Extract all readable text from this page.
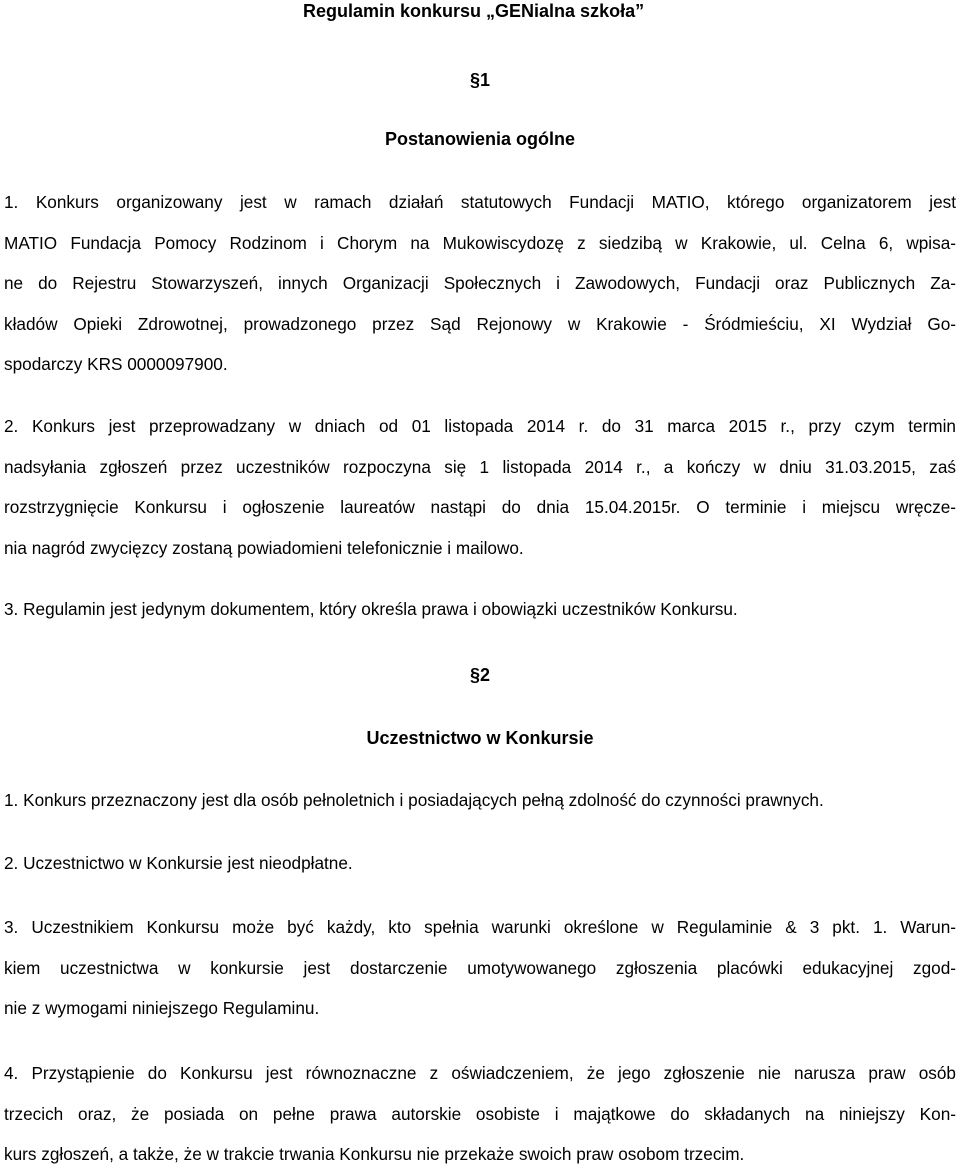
Regulamin konkursu „GENialna szkoła”
§1
Postanowienia ogólne
1. Konkurs organizowany jest w ramach działań statutowych Fundacji MATIO, którego organizatorem jest
MATIO Fundacja Pomocy Rodzinom i Chorym na Mukowiscydozę z siedzibą w Krakowie, ul. Celna 6, wpisa-
ne do Rejestru Stowarzyszeń, innych Organizacji Społecznych i Zawodowych, Fundacji oraz Publicznych Za-
kładów Opieki Zdrowotnej, prowadzonego przez Sąd Rejonowy w Krakowie - Śródmieściu, XI Wydział Go-
spodarczy KRS 0000097900.
2. Konkurs jest przeprowadzany w dniach od 01 listopada 2014 r. do 31 marca 2015 r., przy czym termin
nadsyłania zgłoszeń przez uczestników rozpoczyna się 1 listopada 2014 r., a kończy w dniu 31.03.2015, zaś
rozstrzygnięcie Konkursu i ogłoszenie laureatów nastąpi do dnia 15.04.2015r. O terminie i miejscu wręcze-
nia nagród zwycięzcy zostaną powiadomieni telefonicznie i mailowo.
3. Regulamin jest jedynym dokumentem, który określa prawa i obowiązki uczestników Konkursu.
§2
Uczestnictwo w Konkursie
1. Konkurs przeznaczony jest dla osób pełnoletnich i posiadających pełną zdolność do czynności prawnych.
2. Uczestnictwo w Konkursie jest nieodpłatne.
3. Uczestnikiem Konkursu może być każdy, kto spełnia warunki określone w Regulaminie & 3 pkt. 1. Warun-
kiem uczestnictwa w konkursie jest dostarczenie umotywowanego zgłoszenia placówki edukacyjnej zgod-
nie z wymogami niniejszego Regulaminu.
4. Przystąpienie do Konkursu jest równoznaczne z oświadczeniem, że jego zgłoszenie nie narusza praw osób
trzecich oraz, że posiada on pełne prawa autorskie osobiste i majątkowe do składanych na niniejszy Kon-
kurs zgłoszeń, a także, że w trakcie trwania Konkursu nie przekaże swoich praw osobom trzecim.
